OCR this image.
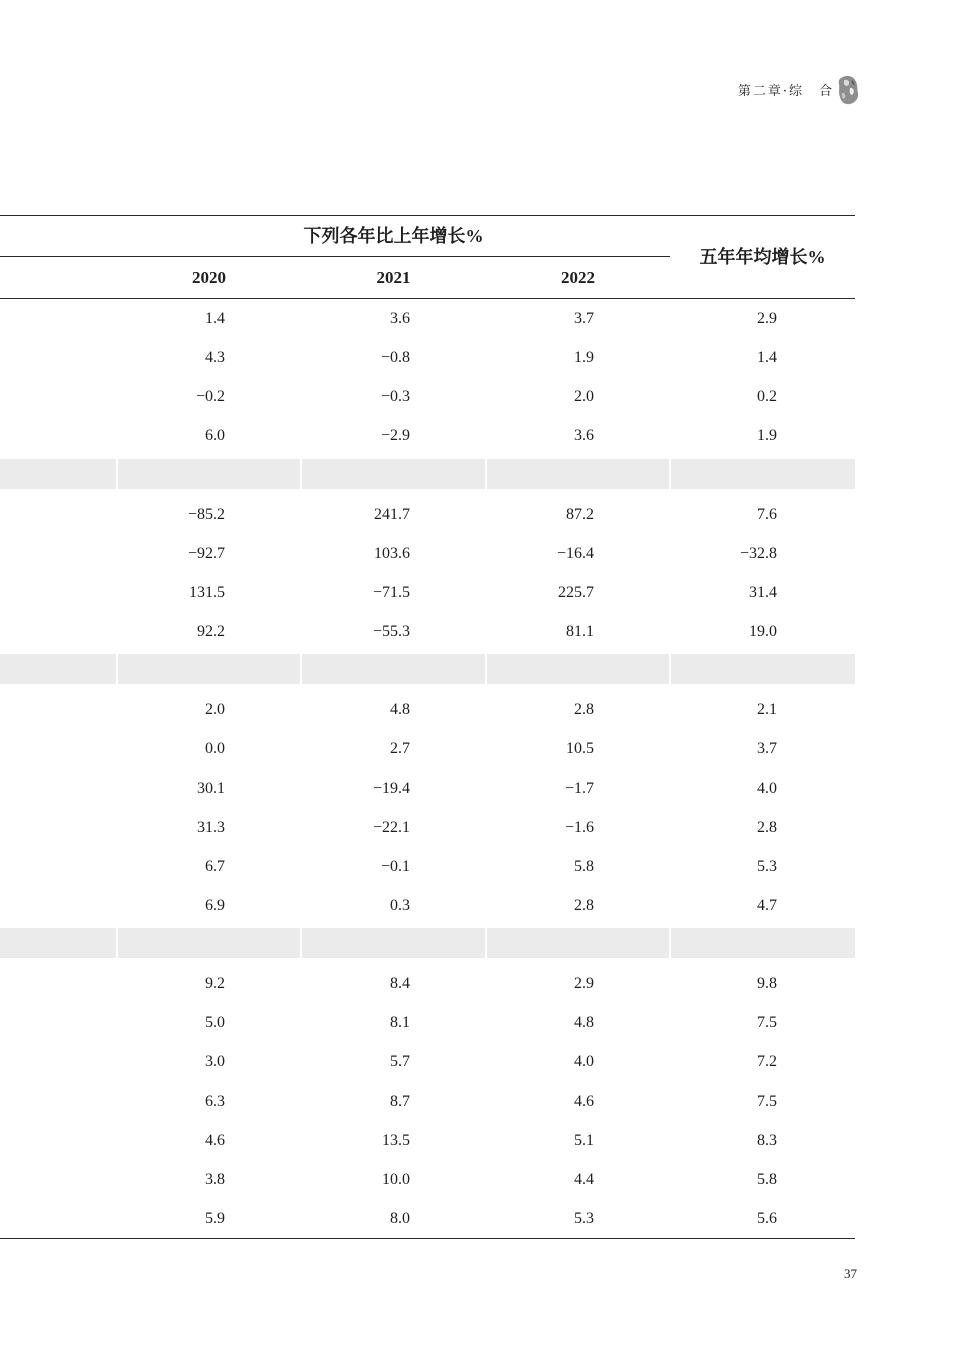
第二章·综　合
下列各年比上年增长%
2020	2021	2022
五年年均增长%
1.4	3.6	3.7	2.9
4.3	−0.8	1.9	1.4
−0.2	−0.3	2.0	0.2
6.0	−2.9	3.6	1.9
−85.2	241.7	87.2	7.6
−92.7	103.6	−16.4	−32.8
131.5	−71.5	225.7	31.4
92.2	−55.3	81.1	19.0
2.0	4.8	2.8	2.1
0.0	2.7	10.5	3.7
30.1	−19.4	−1.7	4.0
31.3	−22.1	−1.6	2.8
6.7	−0.1	5.8	5.3
6.9	0.3	2.8	4.7
9.2	8.4	2.9	9.8
5.0	8.1	4.8	7.5
3.0	5.7	4.0	7.2
6.3	8.7	4.6	7.5
4.6	13.5	5.1	8.3
3.8	10.0	4.4	5.8
5.9	8.0	5.3	5.6
37
